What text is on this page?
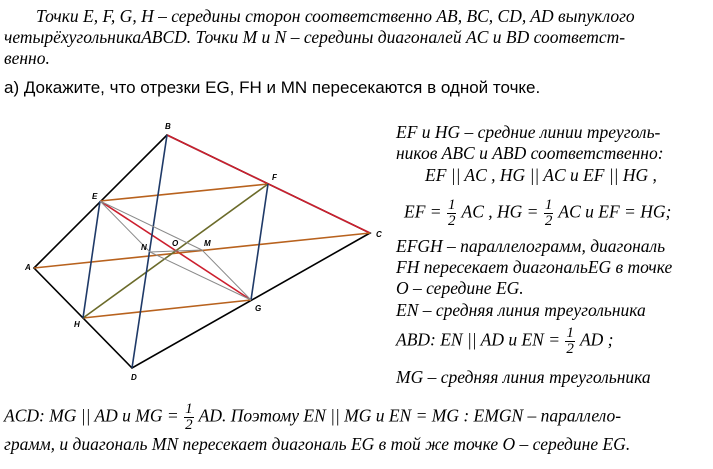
Точки E, F, G, H – середины сторон соответственно AB, BC, CD, AD выпуклого
четырёхугольникаABCD. Точки M и N – середины диагоналей AC и BD соответст-
венно.
а) Докажите, что отрезки EG, FH и MN пересекаются в одной точке.
A
B
C
D
E
F
G
H
M
N	O
EF и HG – средние линии треуголь-
ников ABC и ABD соответственно:
EF || AC , HG || AC и EF || HG ,
EF = $\frac{1}{2}$ AC , HG = $\frac{1}{2}$ AC и EF = HG;
EFGH – параллелограмм, диагональ
FH пересекает диагональEG в точке
O – середине EG.
EN – средняя линия треугольника
ABD: EN || AD и EN = $\frac{1}{2}$ AD ;
MG – средняя линия треугольника
ACD: MG || AD и MG = $\frac{1}{2}$ AD. Поэтому EN || MG и EN = MG : EMGN – параллело-
грамм, и диагональ MN пересекает диагональ EG в той же точке O – середине EG.
